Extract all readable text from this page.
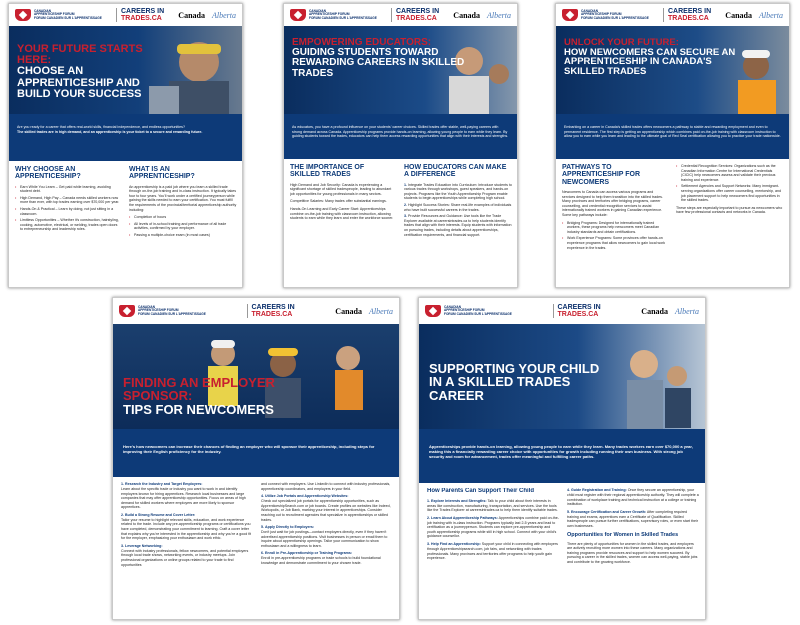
CANADIAN
APPRENTICESHIP FORUM
FORUM CANADIEN SUR L'APPRENTISSAGE
CAREERS IN
TRADES.CA Canada Alberta
YOUR FUTURE STARTS HERE:
CHOOSE AN APPRENTICESHIP AND BUILD YOUR SUCCESS
Are you ready for a career that offers real-world skills, financial independence, and endless opportunities?
The skilled trades are in high demand, and an apprenticeship is your ticket to a secure and rewarding future.
WHY CHOOSE AN APPRENTICESHIP?
• Earn While You Learn – Get paid while learning, avoiding student debt.
• High Demand, High Pay – Canada needs skilled workers now more than ever, with top trades earning over $70,000 per year.
• Hands-On & Practical – Learn by doing, not just sitting in a classroom.
• Limitless Opportunities – Whether it's construction, hairstyling, cooking, automotive, electrical, or welding, trades open doors to entrepreneurship and leadership roles.
WHAT IS AN APPRENTICESHIP?
An apprenticeship is a paid job where you learn a skilled trade through on-the-job training and in-class instruction. It typically takes four to four years. You'll work under a certified journeyperson while gaining the skills needed to earn your certification. You must fulfill the requirements of the provincial/territorial apprenticeship authority including:
• Completion of hours
• All levels of in-school training and performance of all trade activities, confirmed by your employer.
• Passing a multiple-choice exam (in most cases)
CANADIAN
APPRENTICESHIP FORUM
FORUM CANADIEN SUR L'APPRENTISSAGE
CAREERS IN
TRADES.CA Canada Alberta
EMPOWERING EDUCATORS:
GUIDING STUDENTS TOWARD REWARDING CAREERS IN SKILLED TRADES
As educators, you have a profound influence on your students' career choices. Skilled trades offer stable, well-paying careers with strong demand across Canada. Apprenticeship programs provide hands-on learning, allowing young people to earn while they learn. By guiding students toward the trades, educators can help them access rewarding opportunities that align with their interests and strengths.
THE IMPORTANCE OF SKILLED TRADES
High Demand and Job Security: Canada is experiencing a significant shortage of skilled tradespeople, leading to abundant job opportunities for young professionals in many sectors.
Competitive Salaries: Many trades offer substantial earnings.
Hands-On Learning and Early Career Start: Apprenticeships combine on-the-job training with classroom instruction, allowing students to earn while they learn and enter the workforce sooner.
HOW EDUCATORS CAN MAKE A DIFFERENCE
1. Integrate Trades Education into Curriculum: Introduce students to various trades through workshops, guest speakers, and hands-on projects. Programs like the Youth Apprenticeship Program enable students to begin apprenticeships while completing high school.
2. Highlight Success Stories: Share real-life examples of individuals who have built successful careers in the trades.
3. Provide Resources and Guidance: Use tools like the Trade Explorer available at careersintrades.ca to help students identify trades that align with their interests. Equip students with information on pursuing trades, including details about apprenticeships, certification requirements, and financial support.
CANADIAN
APPRENTICESHIP FORUM
FORUM CANADIEN SUR L'APPRENTISSAGE
CAREERS IN
TRADES.CA Canada Alberta
UNLOCK YOUR FUTURE:
HOW NEWCOMERS CAN SECURE AN APPRENTICESHIP IN CANADA'S SKILLED TRADES
Embarking on a career in Canada's skilled trades offers newcomers a pathway to stable and rewarding employment and even to permanent residence. The first step is getting an apprenticeship which combines paid on-the-job training with classroom instruction to allow you to earn while you learn and leading to the ultimate goal of Red Seal certification allowing you to practice your trade nationwide.
PATHWAYS TO APPRENTICESHIP FOR NEWCOMERS
Newcomers to Canada can access various programs and services designed to help them transition into the skilled trades. Many provinces and territories offer bridging programs, career counselling, and credential recognition services to assist internationally trained workers in gaining Canadian experience. Some key pathways include:
• Bridging Programs: Designed for internationally trained workers, these programs help newcomers meet Canadian industry standards and obtain certifications.
• Work Experience Programs: Some provinces offer hands-on experience programs that allow newcomers to gain local work experience in the trades.
• Credential Recognition Services: Organizations such as the Canadian Information Centre for International Credentials (CICIC) help newcomers assess and validate their previous training and experience.
• Settlement Agencies and Support Networks: Many immigrant-serving organizations offer career counselling, mentorship, and job placement support to help newcomers find opportunities in the skilled trades.
These steps are especially important to pursue as newcomers who have few professional contacts and networks in Canada.
CANADIAN
APPRENTICESHIP FORUM
FORUM CANADIEN SUR L'APPRENTISSAGE
CAREERS IN
TRADES.CA	Canada Alberta
FINDING AN EMPLOYER SPONSOR:
TIPS FOR NEWCOMERS
Here's how newcomers can increase their chances of finding an employer who will sponsor their apprenticeship, including steps for improving their English proficiency for the industry.
1. Research the Industry and Target Employers:
Learn about the specific trade or industry you want to work in and identify employers known for hiring apprentices. Research local businesses and large companies that may offer apprenticeship opportunities. Focus on areas of high demand for skilled workers where employers are more likely to sponsor apprentices.
2. Build a Strong Resume and Cover Letter:
Tailor your resume to highlight relevant skills, education, and work experience related to the trade. Include any pre-apprenticeship programs or certifications you have completed, demonstrating your commitment to learning. Craft a cover letter that explains why you're interested in the apprenticeship and why you're a good fit for the employer, emphasizing your enthusiasm and work ethic.
3. Leverage Networking:
Connect with industry professionals, fellow newcomers, and potential employers through local trade shows, networking events, or industry meetups. Join professional organizations or online groups related to your trade to find opportunities
and connect with employers. Use LinkedIn to connect with industry professionals, apprenticeship coordinators, and employers in your field.
4. Utilize Job Portals and Apprenticeship Websites:
Check out specialized job portals for apprenticeship opportunities, such as ApprenticeshipSearch.com or job boards. Create profiles on websites like Indeed, Workopolis, or Job Bank, marking your interest in apprenticeships. Consider reaching out to recruitment agencies that specialize in apprenticeships or skilled trades.
5. Apply Directly to Employers:
Don't just wait for job postings—contact employers directly, even if they haven't advertised apprenticeship positions. Visit businesses in person or email them to inquire about apprenticeship openings. Tailor your communication to show enthusiasm and a willingness to learn.
6. Enroll in Pre-Apprenticeship or Training Programs:
Enroll in pre-apprenticeship programs or trade schools to build foundational knowledge and demonstrate commitment to your chosen trade.
CANADIAN
APPRENTICESHIP FORUM
FORUM CANADIEN SUR L'APPRENTISSAGE
CAREERS IN
TRADES.CA	Canada Alberta
SUPPORTING YOUR CHILD IN A SKILLED TRADES CAREER
Apprenticeships provide hands-on learning, allowing young people to earn while they learn. Many trades workers earn over $70,000 a year, making this a financially rewarding career choice with opportunities for growth including running their own business. With strong job security and room for advancement, trades offer meaningful and fulfilling career paths.
How Parents Can Support Their Child
1. Explore Interests and Strengths: Talk to your child about their interests in areas like construction, manufacturing, transportation, and services. Use the tools like the Trades Explorer at careersintrades.ca to help them identify suitable trades.
2. Learn About Apprenticeship Pathways: Apprenticeships combine paid on-the-job training with in-class instruction. Programs typically last 2-5 years and lead to certification as a journeyperson. Students can explore pre-apprenticeship and youth apprenticeship programs while still in high school. Connect with your child's guidance counsellor.
3. Help Find an Apprenticeship: Support your child in connecting with employers through Apprenticeshipsearch.com, job fairs, and networking with trades professionals. Many provinces and territories offer programs to help youth gain experience.
4. Guide Registration and Training: Once they secure an apprenticeship, your child must register with their regional apprenticeship authority. They will complete a combination of workplace training and technical instruction at a college or training institution.
5. Encourage Certification and Career Growth: After completing required training and exams, apprentices earn a Certificate of Qualification. Skilled tradespeople can pursue further certifications, supervisory roles, or even start their own businesses.
Opportunities for Women in Skilled Trades
There are plenty of opportunities for women in the skilled trades, and employers are actively recruiting more women into these careers. Many organizations and training programs provide resources and support to help women succeed. By pursuing a career in the skilled trades, women can access well-paying, stable jobs and contribute to the growing workforce.
